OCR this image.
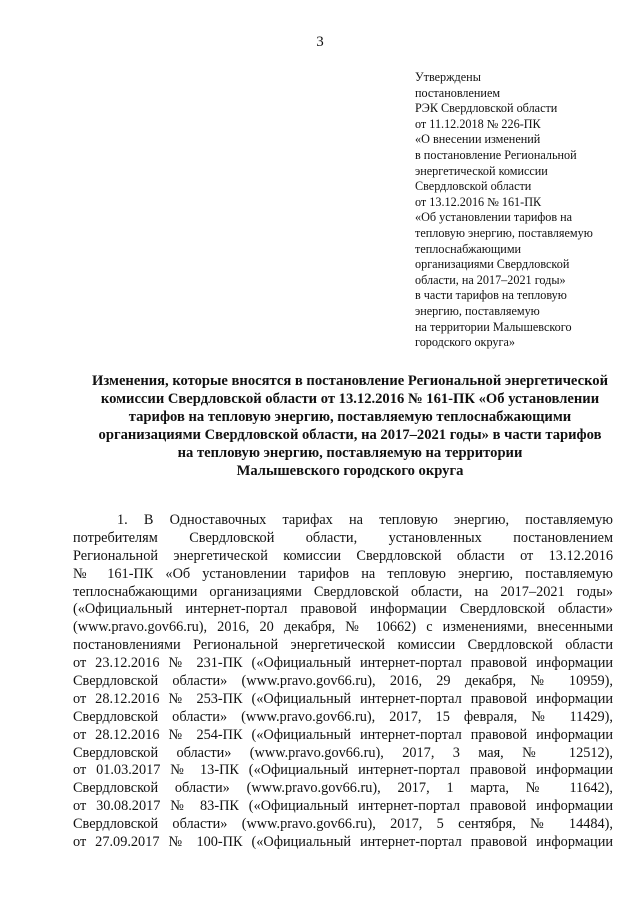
3
Утверждены
постановлением
РЭК Свердловской области
от 11.12.2018 № 226-ПК
«О внесении изменений
в постановление Региональной
энергетической комиссии
Свердловской области
от 13.12.2016 № 161-ПК
«Об установлении тарифов на
тепловую энергию, поставляемую
теплоснабжающими
организациями Свердловской
области, на 2017–2021 годы»
в части тарифов на тепловую
энергию, поставляемую
на территории Малышевского
городского округа»
Изменения, которые вносятся в постановление Региональной энергетической
комиссии Свердловской области от 13.12.2016 № 161-ПК «Об установлении
тарифов на тепловую энергию, поставляемую теплоснабжающими
организациями Свердловской области, на 2017–2021 годы» в части тарифов
на тепловую энергию, поставляемую на территории
Малышевского городского округа
1. В Одноставочных тарифах на тепловую энергию, поставляемую
потребителям Свердловской области, установленных постановлением
Региональной энергетической комиссии Свердловской области от 13.12.2016
№ 161-ПК «Об установлении тарифов на тепловую энергию, поставляемую
теплоснабжающими организациями Свердловской области, на 2017–2021 годы»
(«Официальный интернет-портал правовой информации Свердловской области»
(www.pravo.gov66.ru), 2016, 20 декабря, № 10662) с изменениями, внесенными
постановлениями Региональной энергетической комиссии Свердловской области
от 23.12.2016 № 231-ПК («Официальный интернет-портал правовой информации
Свердловской области» (www.pravo.gov66.ru), 2016, 29 декабря, № 10959),
от 28.12.2016 № 253-ПК («Официальный интернет-портал правовой информации
Свердловской области» (www.pravo.gov66.ru), 2017, 15 февраля, № 11429),
от 28.12.2016 № 254-ПК («Официальный интернет-портал правовой информации
Свердловской области» (www.pravo.gov66.ru), 2017, 3 мая, № 12512),
от 01.03.2017 № 13-ПК («Официальный интернет-портал правовой информации
Свердловской области» (www.pravo.gov66.ru), 2017, 1 марта, № 11642),
от 30.08.2017 № 83-ПК («Официальный интернет-портал правовой информации
Свердловской области» (www.pravo.gov66.ru), 2017, 5 сентября, № 14484),
от 27.09.2017 № 100-ПК («Официальный интернет-портал правовой информации
